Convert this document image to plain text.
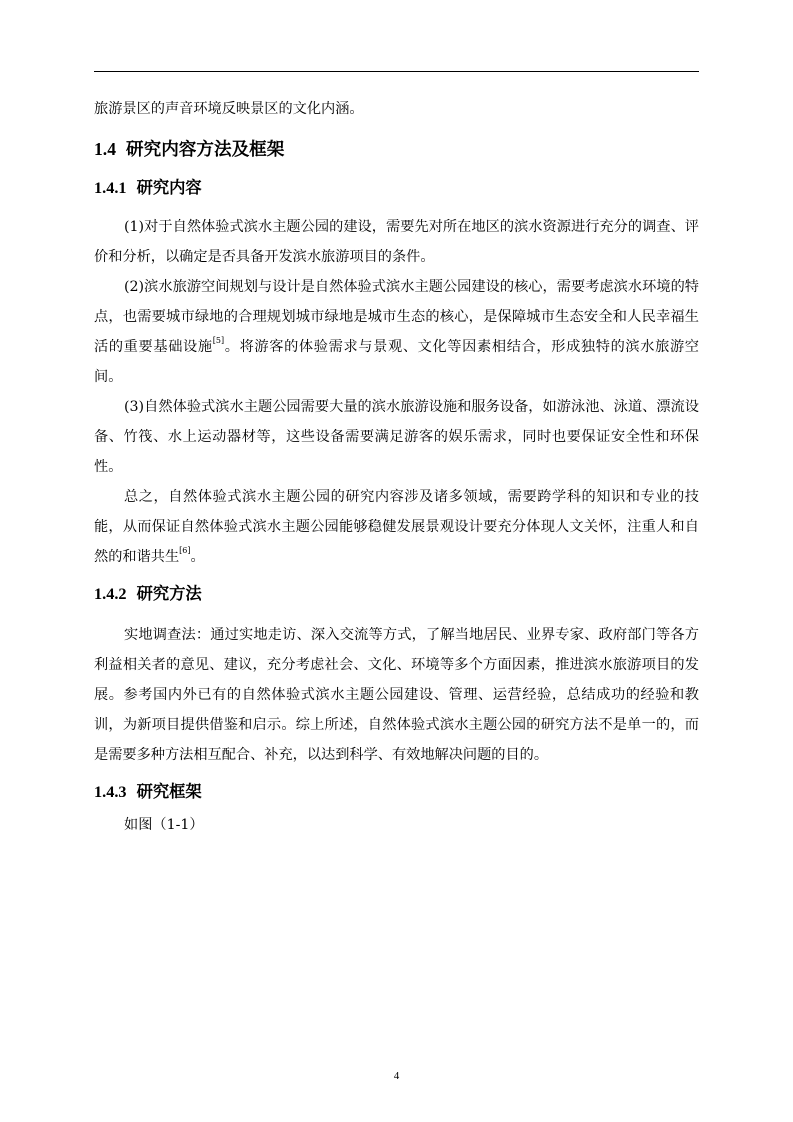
旅游景区的声音环境反映景区的文化内涵。

1.4 研究内容方法及框架
1.4.1 研究内容

(1)对于自然体验式滨水主题公园的建设，需要先对所在地区的滨水资源进行充分的调查、评价和分析，以确定是否具备开发滨水旅游项目的条件。

(2)滨水旅游空间规划与设计是自然体验式滨水主题公园建设的核心，需要考虑滨水环境的特点，也需要城市绿地的合理规划城市绿地是城市生态的核心，是保障城市生态安全和人民幸福生活的重要基础设施[5]。将游客的体验需求与景观、文化等因素相结合，形成独特的滨水旅游空间。

(3)自然体验式滨水主题公园需要大量的滨水旅游设施和服务设备，如游泳池、泳道、漂流设备、竹筏、水上运动器材等，这些设备需要满足游客的娱乐需求，同时也要保证安全性和环保性。

总之，自然体验式滨水主题公园的研究内容涉及诸多领域，需要跨学科的知识和专业的技能，从而保证自然体验式滨水主题公园能够稳健发展景观设计要充分体现人文关怀，注重人和自然的和谐共生[6]。

1.4.2 研究方法

实地调查法：通过实地走访、深入交流等方式，了解当地居民、业界专家、政府部门等各方利益相关者的意见、建议，充分考虑社会、文化、环境等多个方面因素，推进滨水旅游项目的发展。参考国内外已有的自然体验式滨水主题公园建设、管理、运营经验，总结成功的经验和教训，为新项目提供借鉴和启示。综上所述，自然体验式滨水主题公园的研究方法不是单一的，而是需要多种方法相互配合、补充，以达到科学、有效地解决问题的目的。

1.4.3 研究框架

如图（1-1）

4
